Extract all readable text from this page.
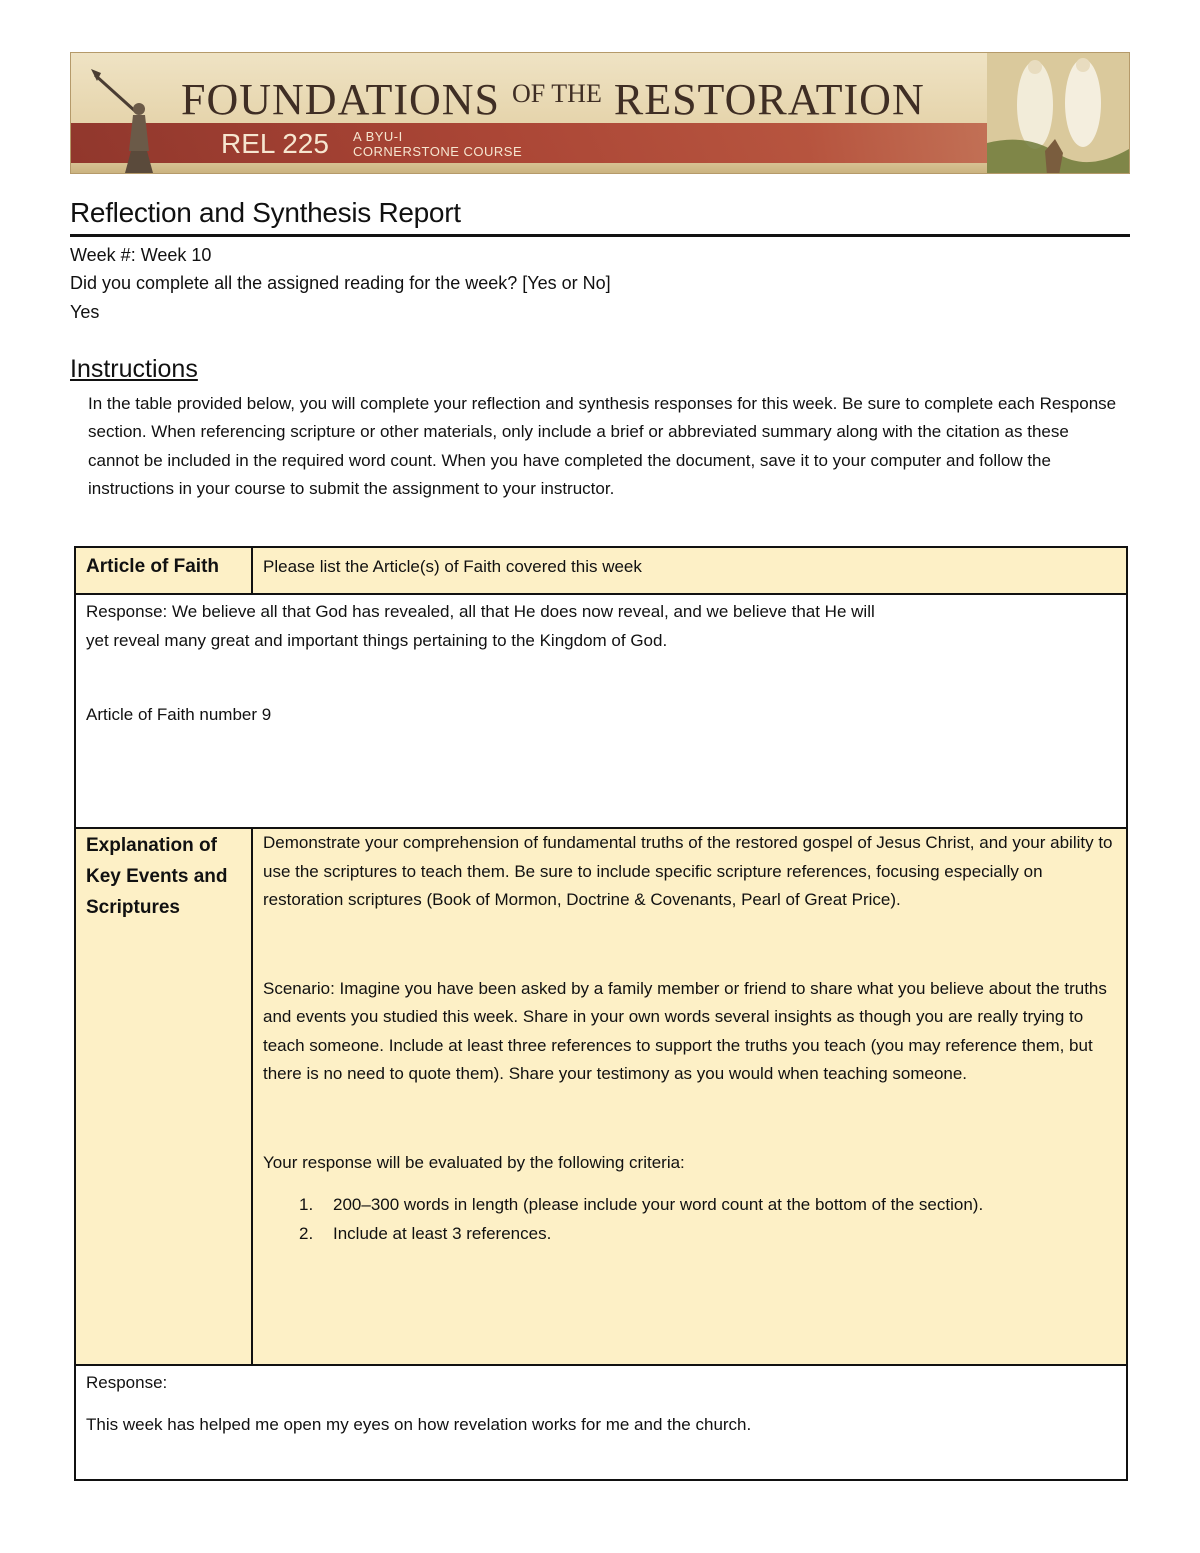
FOUNDATIONS $^{OF THE}$ RESTORATION
REL 225 A BYU-I
CORNERSTONE COURSE
Reflection and Synthesis Report
Week #: Week 10
Did you complete all the assigned reading for the week? [Yes or No]
Yes
Instructions
In the table provided below, you will complete your reflection and synthesis responses for this week. Be sure to complete each Response section. When referencing scripture or other materials, only include a brief or abbreviated summary along with the citation as these cannot be included in the required word count. When you have completed the document, save it to your computer and follow the instructions in your course to submit the assignment to your instructor.
Article of Faith	Please list the Article(s) of Faith covered this week
Response: We believe all that God has revealed, all that He does now reveal, and we believe that He will
yet reveal many great and important things pertaining to the Kingdom of God.
Article of Faith number 9
Explanation of Key Events and Scriptures
Demonstrate your comprehension of fundamental truths of the restored gospel of Jesus Christ, and your ability to use the scriptures to teach them. Be sure to include specific scripture references, focusing especially on restoration scriptures (Book of Mormon, Doctrine & Covenants, Pearl of Great Price).
Scenario: Imagine you have been asked by a family member or friend to share what you believe about the truths and events you studied this week. Share in your own words several insights as though you are really trying to teach someone. Include at least three references to support the truths you teach (you may reference them, but there is no need to quote them). Share your testimony as you would when teaching someone.
Your response will be evaluated by the following criteria:
1. 200–300 words in length (please include your word count at the bottom of the section).
2. Include at least 3 references.
Response:
This week has helped me open my eyes on how revelation works for me and the church.
